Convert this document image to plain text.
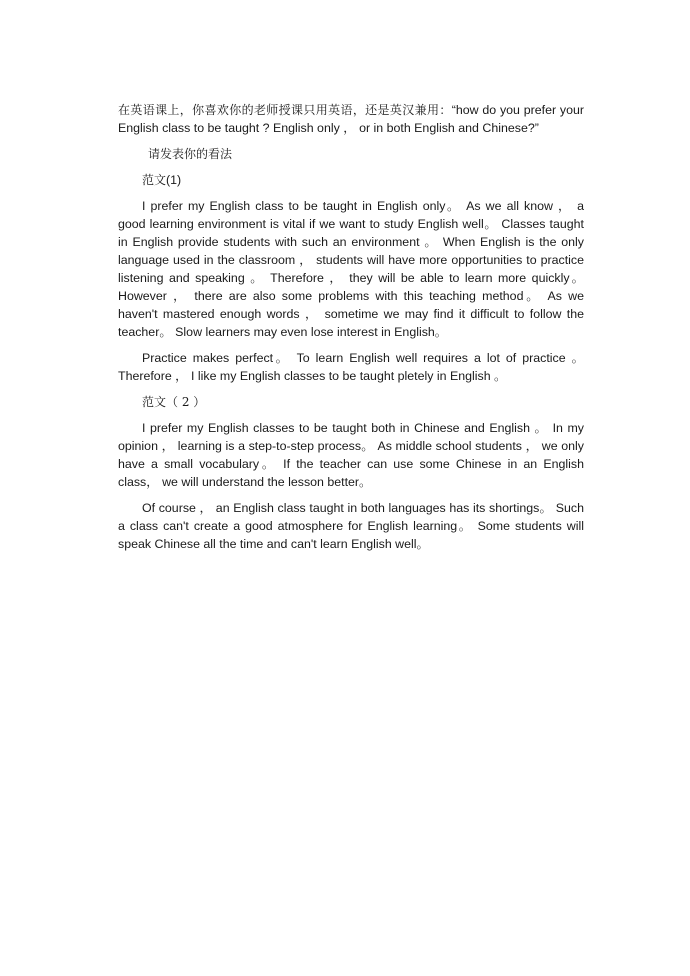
在英语课上，你喜欢你的老师授课只用英语，还是英汉兼用：“how do you prefer your English class to be taught ? English only ， or in both English and Chinese?”

请发表你的看法

范文(1)

I prefer my English class to be taught in English only。 As we all know ， a good learning environment is vital if we want to study English well。 Classes taught in English provide students with such an environment 。 When English is the only language used in the classroom ， students will have more opportunities to practice listening and speaking 。 Therefore ， they will be able to learn more quickly。 However ， there are also some problems with this teaching method。 As we haven't mastered enough words ， sometime we may find it difficult to follow the teacher。 Slow learners may even lose interest in English。

Practice makes perfect。 To learn English well requires a lot of practice 。 Therefore ， I like my English classes to be taught pletely in English 。

范文（ 2 ）

I prefer my English classes to be taught both in Chinese and English 。 In my opinion ， learning is a step-to-step process。 As middle school students ， we only have a small vocabulary。 If the teacher can use some Chinese in an English class， we will understand the lesson better。

Of course ， an English class taught in both languages has its shortings。 Such a class can't create a good atmosphere for English learning。 Some students will speak Chinese all the time and can't learn English well。
